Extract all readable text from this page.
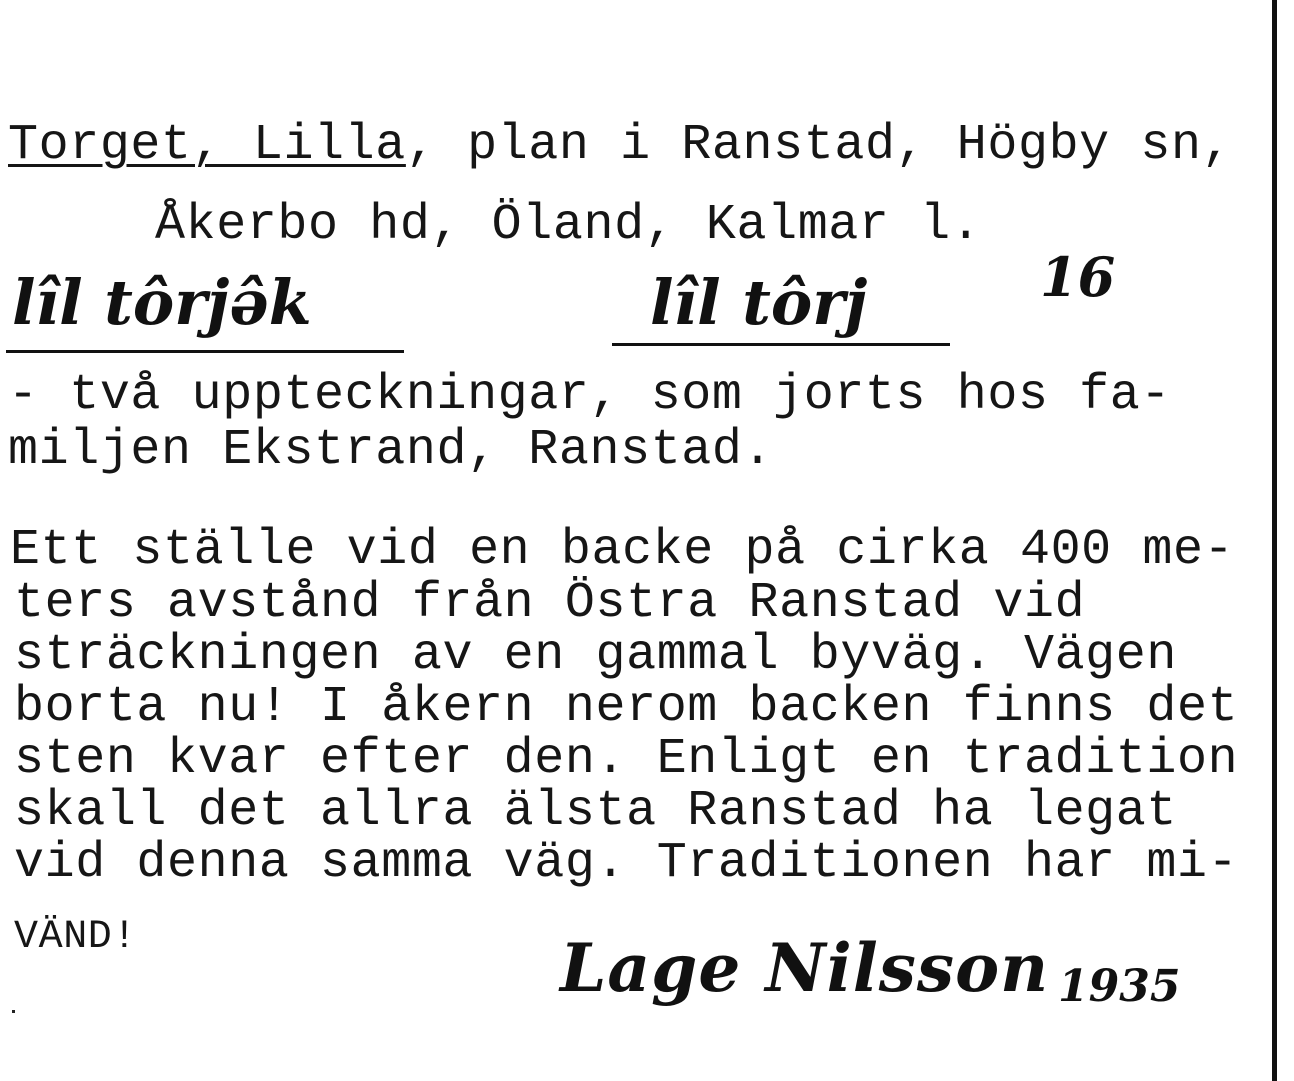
Torget, Lilla, plan i Ranstad, Högby sn,

Åkerbo hd, Öland, Kalmar l.

lîl tôrjə̂k	lîl tôrj	16

- två uppteckningar, som jorts hos fa-

miljen Ekstrand, Ranstad.

Ett ställe vid en backe på cirka 400 me-

ters avstånd från Östra Ranstad vid

sträckningen av en gammal byväg. Vägen

borta nu! I åkern nerom backen finns det

sten kvar efter den. Enligt en tradition

skall det allra älsta Ranstad ha legat

vid denna samma väg. Traditionen har mi-

VÄND!	Lage Nilsson 1935
